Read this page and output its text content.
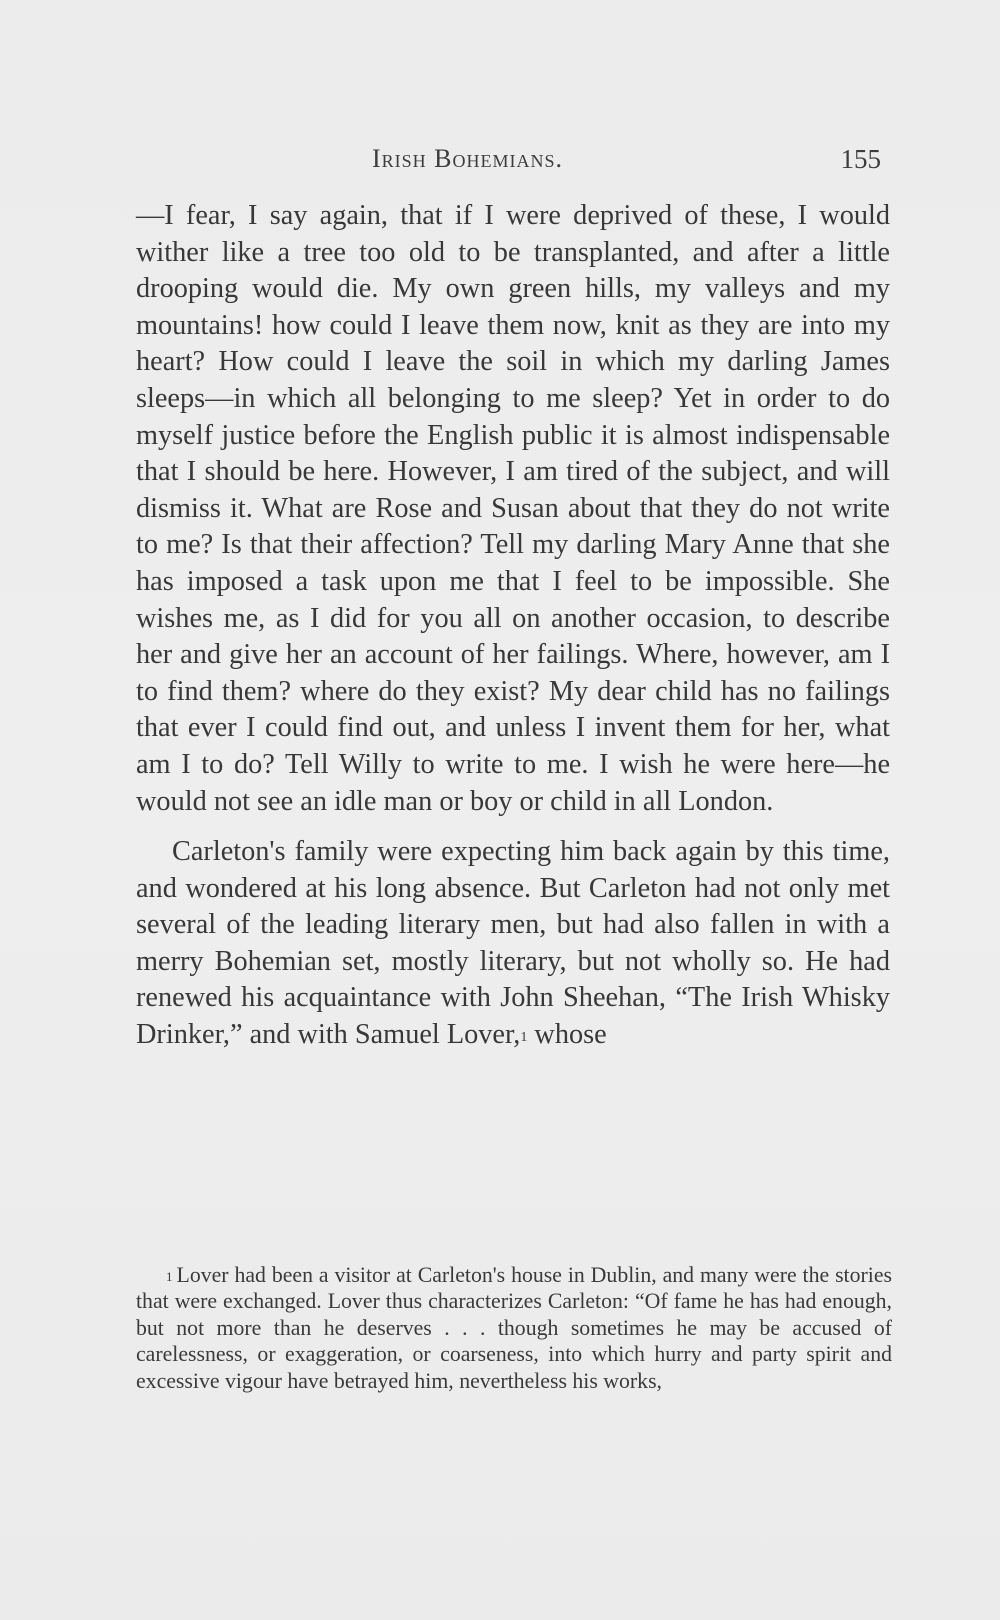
Irish Bohemians.	155

—I fear, I say again, that if I were deprived of these, I would wither like a tree too old to be transplanted, and after a little drooping would die. My own green hills, my valleys and my mountains! how could I leave them now, knit as they are into my heart? How could I leave the soil in which my darling James sleeps—in which all belonging to me sleep? Yet in order to do myself justice before the English public it is almost indispensable that I should be here. However, I am tired of the subject, and will dismiss it. What are Rose and Susan about that they do not write to me? Is that their affection? Tell my darling Mary Anne that she has imposed a task upon me that I feel to be impossible. She wishes me, as I did for you all on another occasion, to describe her and give her an account of her failings. Where, however, am I to find them? where do they exist? My dear child has no failings that ever I could find out, and unless I invent them for her, what am I to do? Tell Willy to write to me. I wish he were here—he would not see an idle man or boy or child in all London.

Carleton's family were expecting him back again by this time, and wondered at his long absence. But Carleton had not only met several of the leading literary men, but had also fallen in with a merry Bohemian set, mostly literary, but not wholly so. He had renewed his acquaintance with John Sheehan, “The Irish Whisky Drinker,” and with Samuel Lover,$^1$ whose

$^1$ Lover had been a visitor at Carleton's house in Dublin, and many were the stories that were exchanged. Lover thus characterizes Carleton: “Of fame he has had enough, but not more than he deserves . . . though sometimes he may be accused of carelessness, or exaggeration, or coarseness, into which hurry and party spirit and excessive vigour have betrayed him, nevertheless his works,
